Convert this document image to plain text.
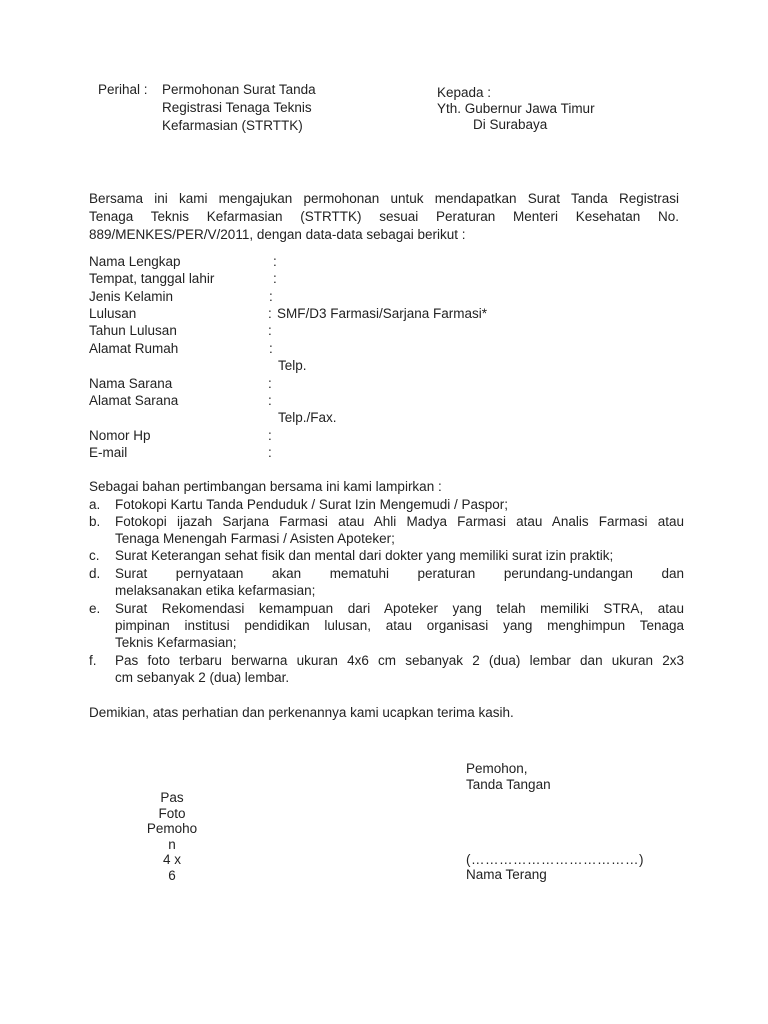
Perihal : Permohonan Surat Tanda
Registrasi Tenaga Teknis
Kefarmasian (STRTTK)
Kepada :
Yth. Gubernur Jawa Timur
Di Surabaya
Bersama ini kami mengajukan permohonan untuk mendapatkan Surat Tanda Registrasi
Tenaga Teknis Kefarmasian (STRTTK) sesuai Peraturan Menteri Kesehatan No.
889/MENKES/PER/V/2011, dengan data-data sebagai berikut :
Nama Lengkap	:
Tempat, tanggal lahir	:
Jenis Kelamin	:
Lulusan	: SMF/D3 Farmasi/Sarjana Farmasi*
Tahun Lulusan	:
Alamat Rumah	:
Telp.
Nama Sarana	:
Alamat Sarana	:
Telp./Fax.
Nomor Hp	:
E-mail	:
Sebagai bahan pertimbangan bersama ini kami lampirkan :
a. Fotokopi Kartu Tanda Penduduk / Surat Izin Mengemudi / Paspor;
b. Fotokopi ijazah Sarjana Farmasi atau Ahli Madya Farmasi atau Analis Farmasi atau
Tenaga Menengah Farmasi / Asisten Apoteker;
c. Surat Keterangan sehat fisik dan mental dari dokter yang memiliki surat izin praktik;
d. Surat    pernyataan    akan    mematuhi    peraturan    perundang-undangan    dan
melaksanakan etika kefarmasian;
e. Surat Rekomendasi kemampuan dari Apoteker yang telah memiliki STRA, atau
pimpinan institusi pendidikan lulusan, atau organisasi yang menghimpun Tenaga
Teknis Kefarmasian;
f. Pas foto terbaru berwarna ukuran 4x6 cm sebanyak 2 (dua) lembar dan ukuran 2x3
cm sebanyak 2 (dua) lembar.
Demikian, atas perhatian dan perkenannya kami ucapkan terima kasih.
Pemohon,
Tanda Tangan
(………………………………)
Nama Terang
Pas
Foto
Pemoho
n
4 x
6
